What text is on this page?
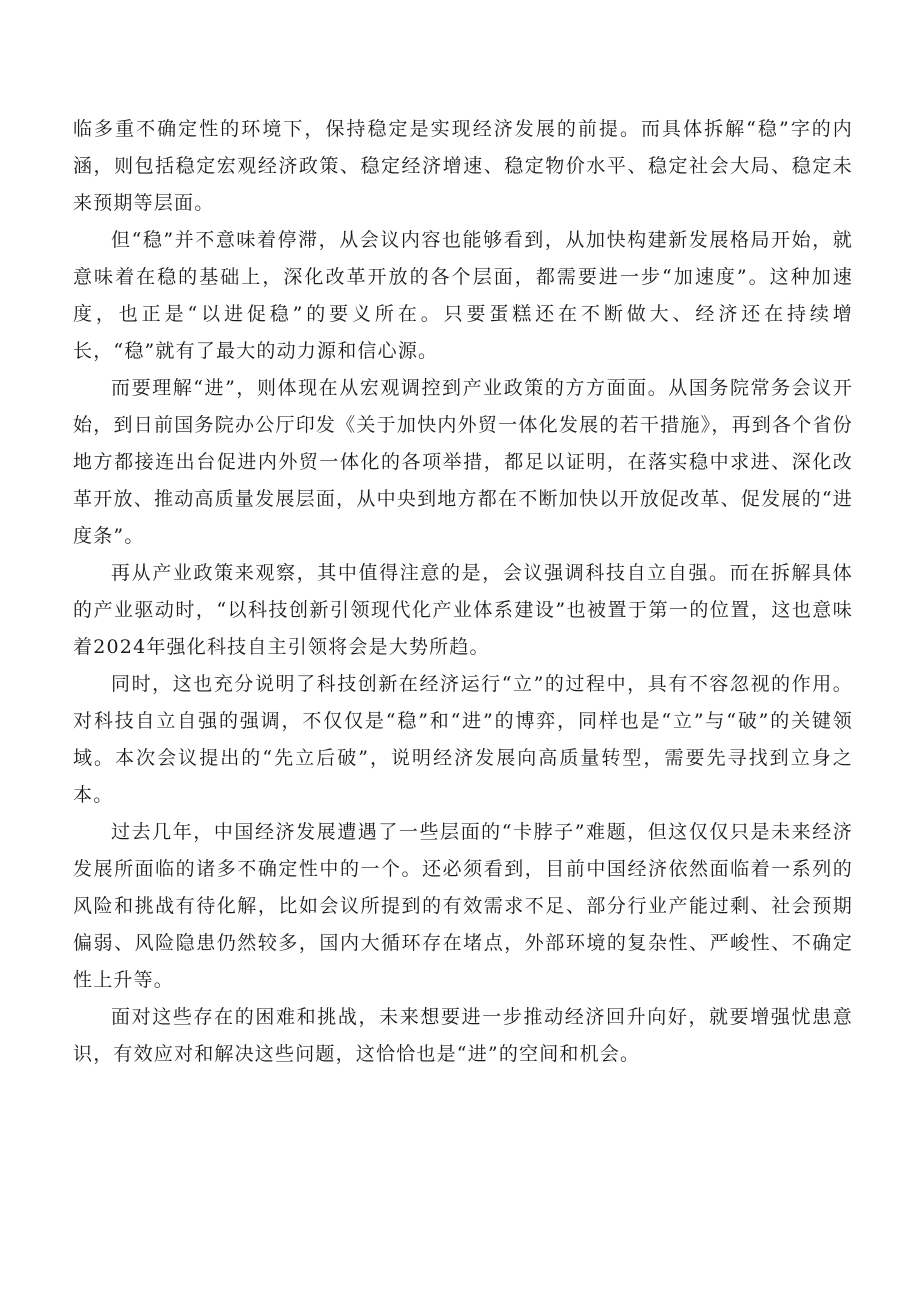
临多重不确定性的环境下，保持稳定是实现经济发展的前提。而具体拆解“稳”字的内涵，则包括稳定宏观经济政策、稳定经济增速、稳定物价水平、稳定社会大局、稳定未来预期等层面。

但“稳”并不意味着停滞，从会议内容也能够看到，从加快构建新发展格局开始，就意味着在稳的基础上，深化改革开放的各个层面，都需要进一步“加速度”。这种加速度，也正是“以进促稳”的要义所在。只要蛋糕还在不断做大、经济还在持续增长，“稳”就有了最大的动力源和信心源。

而要理解“进”，则体现在从宏观调控到产业政策的方方面面。从国务院常务会议开始，到日前国务院办公厅印发《关于加快内外贸一体化发展的若干措施》，再到各个省份地方都接连出台促进内外贸一体化的各项举措，都足以证明，在落实稳中求进、深化改革开放、推动高质量发展层面，从中央到地方都在不断加快以开放促改革、促发展的“进度条”。

再从产业政策来观察，其中值得注意的是，会议强调科技自立自强。而在拆解具体的产业驱动时，“以科技创新引领现代化产业体系建设”也被置于第一的位置，这也意味着2024年强化科技自主引领将会是大势所趋。

同时，这也充分说明了科技创新在经济运行“立”的过程中，具有不容忽视的作用。对科技自立自强的强调，不仅仅是“稳”和“进”的博弈，同样也是“立”与“破”的关键领域。本次会议提出的“先立后破”，说明经济发展向高质量转型，需要先寻找到立身之本。

过去几年，中国经济发展遭遇了一些层面的“卡脖子”难题，但这仅仅只是未来经济发展所面临的诸多不确定性中的一个。还必须看到，目前中国经济依然面临着一系列的风险和挑战有待化解，比如会议所提到的有效需求不足、部分行业产能过剩、社会预期偏弱、风险隐患仍然较多，国内大循环存在堵点，外部环境的复杂性、严峻性、不确定性上升等。

面对这些存在的困难和挑战，未来想要进一步推动经济回升向好，就要增强忧患意识，有效应对和解决这些问题，这恰恰也是“进”的空间和机会。
